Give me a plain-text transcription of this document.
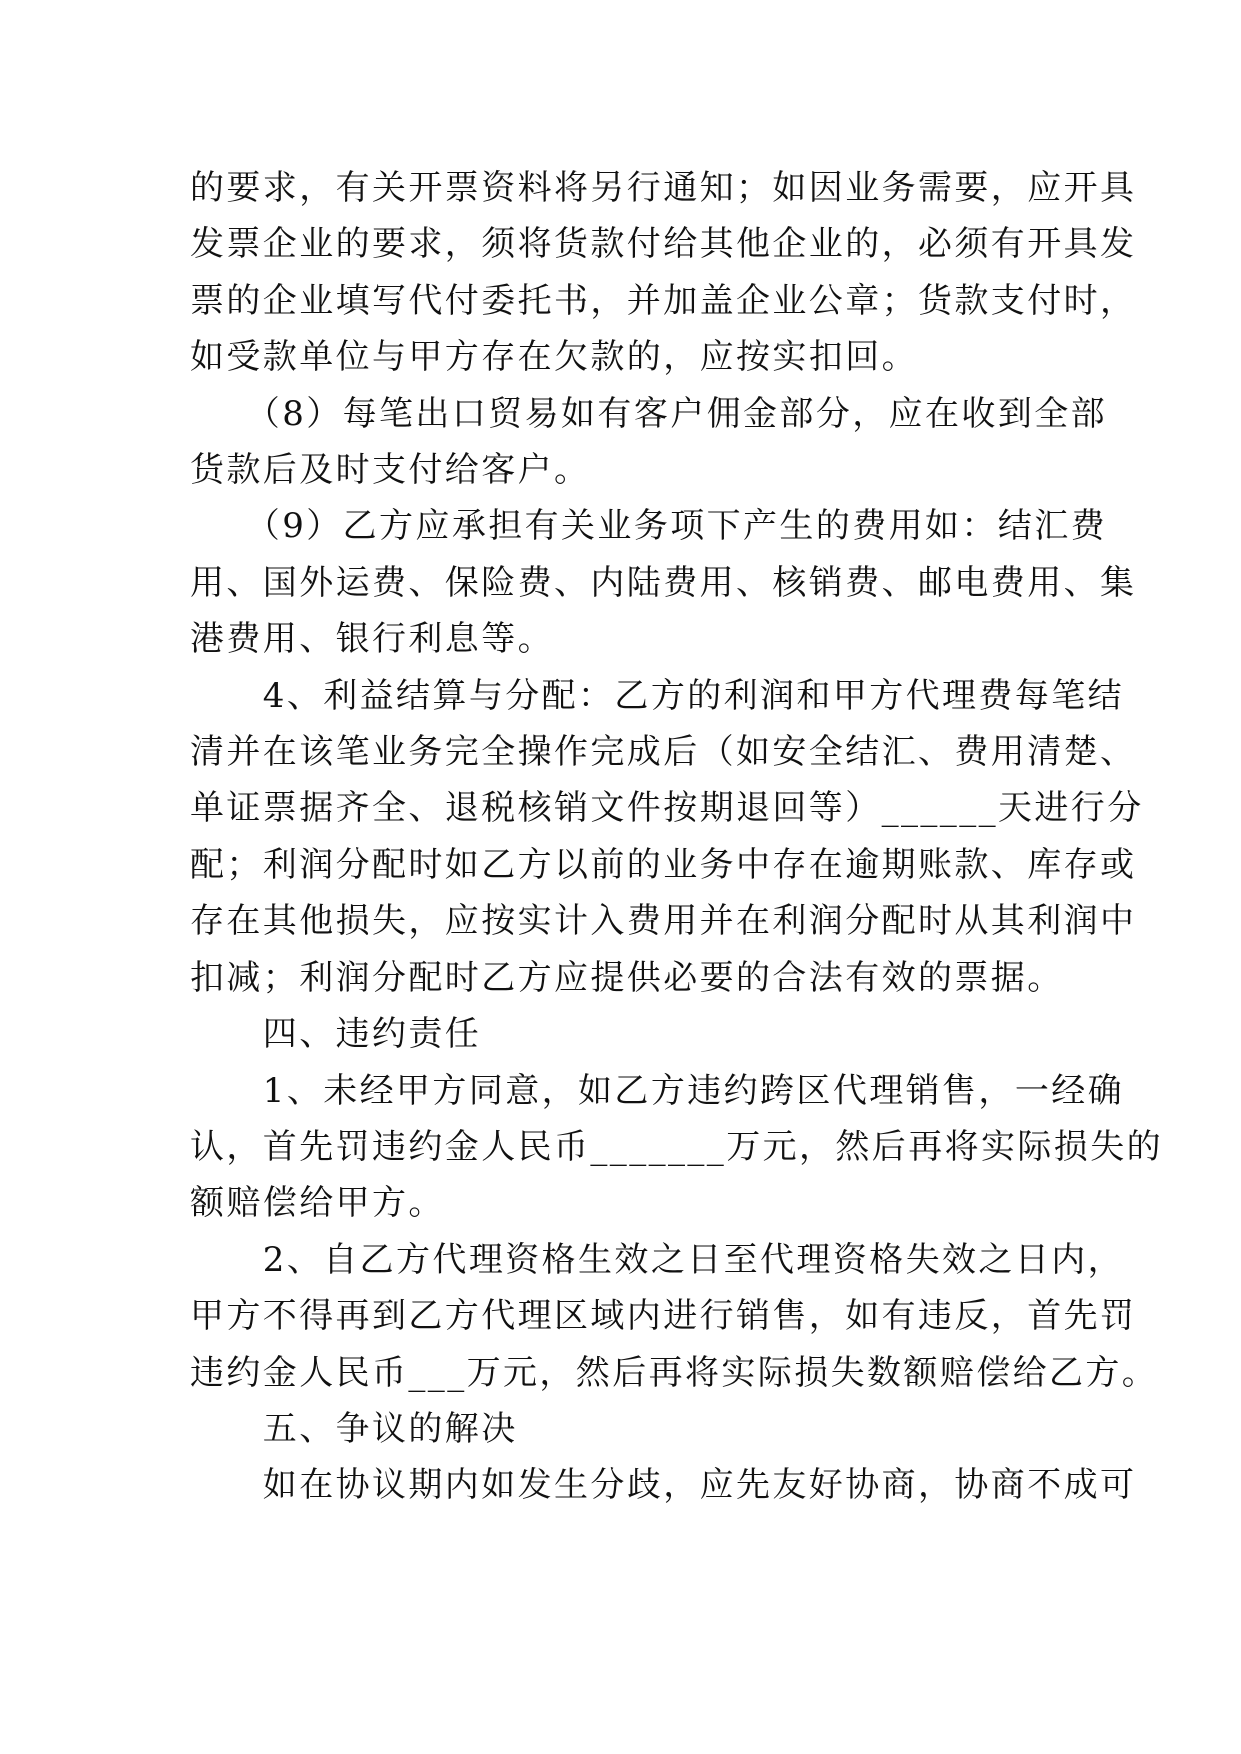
的要求，有关开票资料将另行通知；如因业务需要，应开具
发票企业的要求，须将货款付给其他企业的，必须有开具发
票的企业填写代付委托书，并加盖企业公章；货款支付时，
如受款单位与甲方存在欠款的，应按实扣回。
　　（8）每笔出口贸易如有客户佣金部分，应在收到全部
货款后及时支付给客户。
　　（9）乙方应承担有关业务项下产生的费用如：结汇费
用、国外运费、保险费、内陆费用、核销费、邮电费用、集
港费用、银行利息等。
　　4、利益结算与分配：乙方的利润和甲方代理费每笔结
清并在该笔业务完全操作完成后（如安全结汇、费用清楚、
单证票据齐全、退税核销文件按期退回等）______天进行分
配；利润分配时如乙方以前的业务中存在逾期账款、库存或
存在其他损失，应按实计入费用并在利润分配时从其利润中
扣减；利润分配时乙方应提供必要的合法有效的票据。
　　四、违约责任
　　1、未经甲方同意，如乙方违约跨区代理销售，一经确
认，首先罚违约金人民币_______万元，然后再将实际损失的
额赔偿给甲方。
　　2、自乙方代理资格生效之日至代理资格失效之日内，
甲方不得再到乙方代理区域内进行销售，如有违反，首先罚
违约金人民币___万元，然后再将实际损失数额赔偿给乙方。
　　五、争议的解决
　　如在协议期内如发生分歧，应先友好协商，协商不成可
